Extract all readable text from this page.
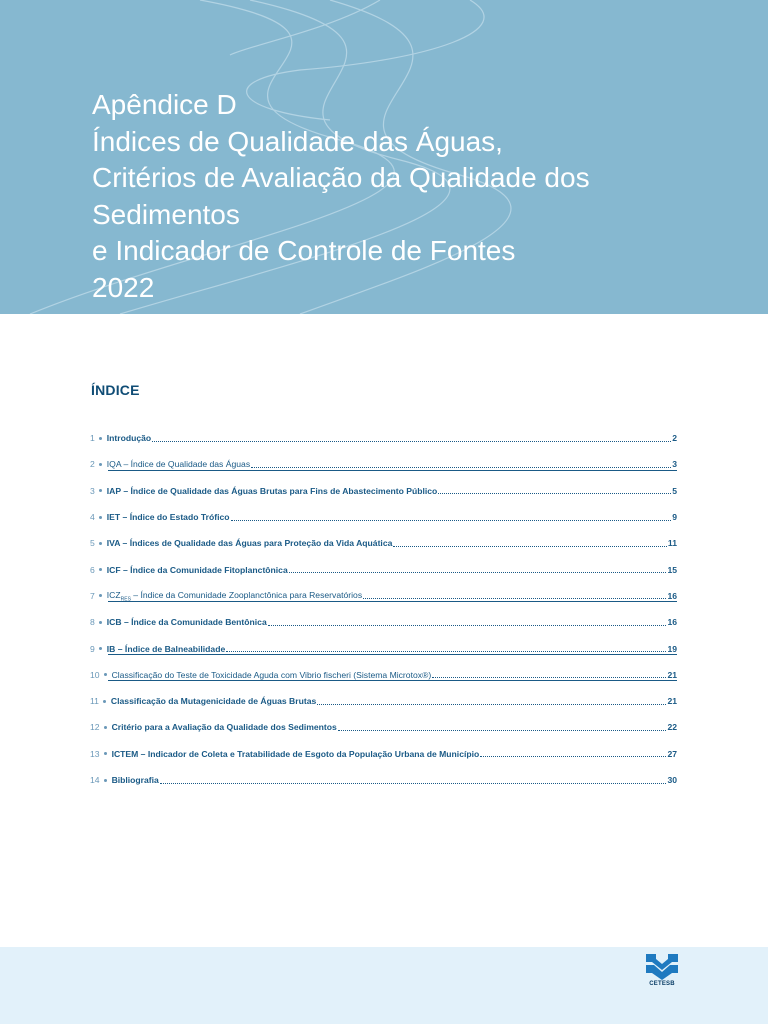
Apêndice D
Índices de Qualidade das Águas,
Critérios de Avaliação da Qualidade dos
Sedimentos
e Indicador de Controle de Fontes
2022
ÍNDICE
1 Introdução	2
2 IQA – Índice de Qualidade das Águas	3
3 IAP – Índice de Qualidade das Águas Brutas para Fins de Abastecimento Público	5
4 IET – Índice do Estado Trófico	9
5 IVA – Índices de Qualidade das Águas para Proteção da Vida Aquática	11
6 ICF – Índice da Comunidade Fitoplanctônica	15
7 $ICZ_{RES}$ – Índice da Comunidade Zooplanctônica para Reservatórios	16
8 ICB – Índice da Comunidade Bentônica	16
9 IB – Índice de Balneabilidade	19
10 Classificação do Teste de Toxicidade Aguda com Vibrio fischeri (Sistema Microtox®)	21
11 Classificação da Mutagenicidade de Águas Brutas	21
12 Critério para a Avaliação da Qualidade dos Sedimentos	22
13 ICTEM – Indicador de Coleta e Tratabilidade de Esgoto da População Urbana de Município	27
14 Bibliografia	30
CETESB
